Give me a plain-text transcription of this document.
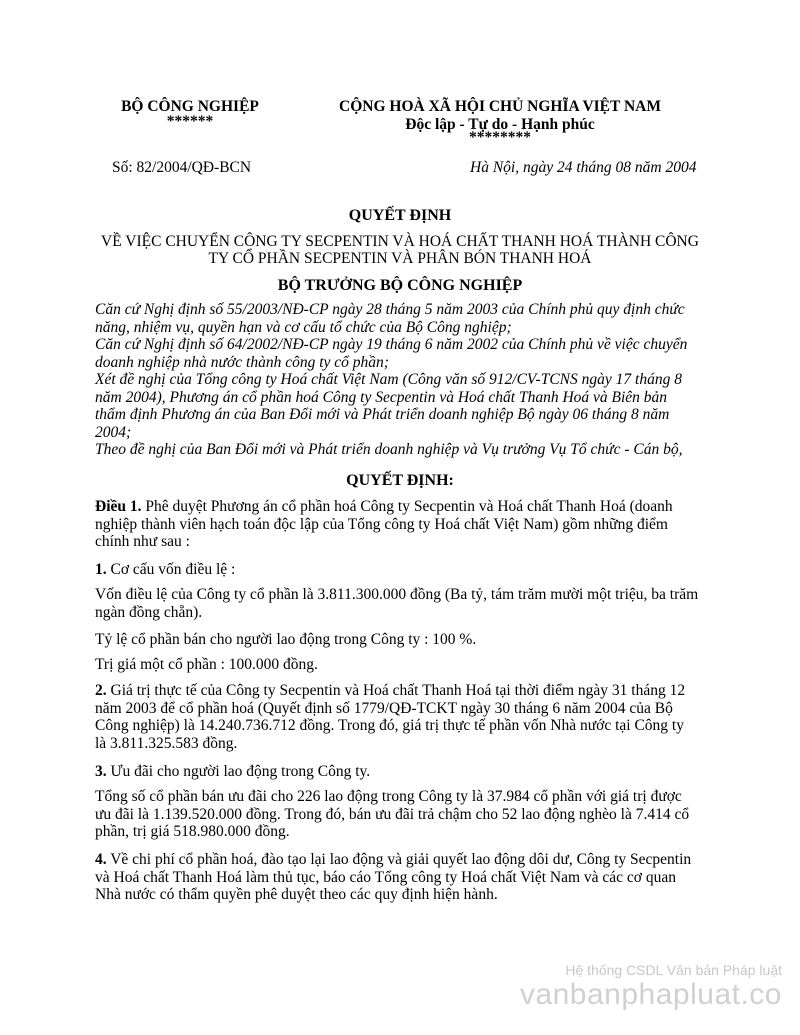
BỘ CÔNG NGHIỆP
******
CỘNG HOÀ XÃ HỘI CHỦ NGHĨA VIỆT NAM
Độc lập - Tự do - Hạnh phúc
********
Số: 82/2004/QĐ-BCN	Hà Nội, ngày 24 tháng 08 năm 2004
QUYẾT ĐỊNH
VỀ VIỆC CHUYỂN CÔNG TY SECPENTIN VÀ HOÁ CHẤT THANH HOÁ THÀNH CÔNG
TY CỔ PHẦN SECPENTIN VÀ PHÂN BÓN THANH HOÁ
BỘ TRƯỞNG BỘ CÔNG NGHIỆP
Căn cứ Nghị định số 55/2003/NĐ-CP ngày 28 tháng 5 năm 2003 của Chính phủ quy định chức
năng, nhiệm vụ, quyền hạn và cơ cấu tổ chức của Bộ Công nghiệp;
Căn cứ Nghị định số 64/2002/NĐ-CP ngày 19 tháng 6 năm 2002 của Chính phủ về việc chuyển
doanh nghiệp nhà nước thành công ty cổ phần;
Xét đề nghị của Tổng công ty Hoá chất Việt Nam (Công văn số 912/CV-TCNS ngày 17 tháng 8
năm 2004), Phương án cổ phần hoá Công ty Secpentin và Hoá chất Thanh Hoá và Biên bản
thẩm định Phương án của Ban Đổi mới và Phát triển doanh nghiệp Bộ ngày 06 tháng 8 năm
2004;
Theo đề nghị của Ban Đổi mới và Phát triển doanh nghiệp và Vụ trưởng Vụ Tổ chức - Cán bộ,
QUYẾT ĐỊNH:
Điều 1. Phê duyệt Phương án cổ phần hoá Công ty Secpentin và Hoá chất Thanh Hoá (doanh
nghiệp thành viên hạch toán độc lập của Tổng công ty Hoá chất Việt Nam) gồm những điểm
chính như sau :
1. Cơ cấu vốn điều lệ :
Vốn điều lệ của Công ty cổ phần là 3.811.300.000 đồng (Ba tỷ, tám trăm mười một triệu, ba trăm
ngàn đồng chẵn).
Tỷ lệ cổ phần bán cho người lao động trong Công ty : 100 %.
Trị giá một cổ phần : 100.000 đồng.
2. Giá trị thực tế của Công ty Secpentin và Hoá chất Thanh Hoá tại thời điểm ngày 31 tháng 12
năm 2003 để cổ phần hoá (Quyết định số 1779/QĐ-TCKT ngày 30 tháng 6 năm 2004 của Bộ
Công nghiệp) là 14.240.736.712 đồng. Trong đó, giá trị thực tế phần vốn Nhà nước tại Công ty
là 3.811.325.583 đồng.
3. Ưu đãi cho người lao động trong Công ty.
Tổng số cổ phần bán ưu đãi cho 226 lao động trong Công ty là 37.984 cổ phần với giá trị được
ưu đãi là 1.139.520.000 đồng. Trong đó, bán ưu đãi trả chậm cho 52 lao động nghèo là 7.414 cổ
phần, trị giá 518.980.000 đồng.
4. Về chi phí cổ phần hoá, đào tạo lại lao động và giải quyết lao động dôi dư, Công ty Secpentin
và Hoá chất Thanh Hoá làm thủ tục, báo cáo Tổng công ty Hoá chất Việt Nam và các cơ quan
Nhà nước có thẩm quyền phê duyệt theo các quy định hiện hành.
Hệ thống CSDL Văn bản Pháp luật
vanbanphapluat.co
